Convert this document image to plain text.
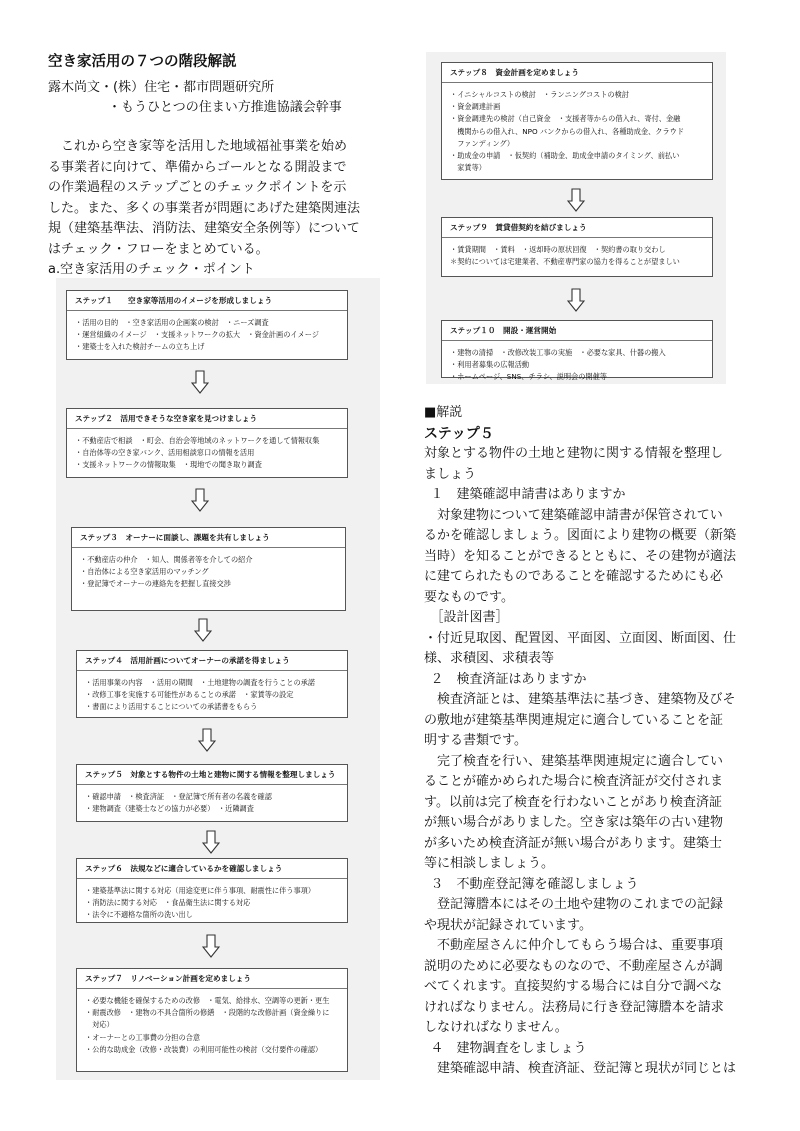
空き家活用の７つの階段解説
露木尚文・(株）住宅・都市問題研究所
・もうひとつの住まい方推進協議会幹事
これから空き家等を活用した地域福祉事業を始め
る事業者に向けて、準備からゴールとなる開設まで
の作業過程のステップごとのチェックポイントを示
した。また、多くの事業者が問題にあげた建築関連法
規（建築基準法、消防法、建築安全条例等）について
はチェック・フローをまとめている。
a.空き家活用のチェック・ポイント
ステップ１　　空き家等活用のイメージを形成しましょう
・活用の目的　・空き家活用の企画案の検討　・ニーズ調査
・運営組織のイメージ　・支援ネットワークの拡大　・資金計画のイメージ
・建築士を入れた検討チームの立ち上げ
ステップ２　活用できそうな空き家を見つけましょう
・不動産店で相談　・町会、自治会等地域のネットワークを通して情報収集
・自治体等の空き家バンク、活用相談窓口の情報を活用
・支援ネットワークの情報取集　・現地での聞き取り調査
ステップ３　オーナーに面談し、課題を共有しましょう
・不動産店の仲介　・知人、関係者等を介しての紹介
・自治体による空き家活用のマッチング
・登記簿でオーナーの連絡先を把握し直接交渉
ステップ４　活用計画についてオーナーの承諾を得ましょう
・活用事業の内容　・活用の期間　・土地建物の調査を行うことの承諾
・改修工事を実施する可能性があることの承諾　・家賃等の設定
・書面により活用することについての承諾書をもらう
ステップ５　対象とする物件の土地と建物に関する情報を整理しましょう
・確認申請　・検査済証　・登記簿で所有者の名義を確認
・建物調査（建築士などの協力が必要）　・近隣調査
ステップ６　法規などに適合しているかを確認しましょう
・建築基準法に関する対応（用途変更に伴う事項、耐震性に伴う事項）
・消防法に関する対応　・食品衛生法に関する対応
・法令に不適格な箇所の洗い出し
ステップ７　リノベーション計画を定めましょう
・必要な機能を確保するための改修　・電気、給排水、空調等の更新・更生
・耐震改修　・建物の不具合箇所の修繕　・段階的な改修計画（資金繰りに
　対応）
・オーナーとの工事費の分担の合意
・公的な助成金（改修・改装費）の利用可能性の検討（交付要件の確認）
ステップ８　資金計画を定めましょう
・イニシャルコストの検討　・ランニングコストの検討
・資金調達計画
・資金調達先の検討（自己資金　・支援者等からの借入れ、寄付、金融
　機関からの借入れ、NPO バンクからの借入れ、各種助成金、クラウド
　ファンディング）
・助成金の申請　・仮契約（補助金、助成金申請のタイミング、前払い
　家賃等）
ステップ９　賃貸借契約を結びましょう
・賃貸期間　・賃料　・返却時の原状回復　・契約書の取り交わし
＊契約については宅建業者、不動産専門家の協力を得ることが望ましい
ステップ１０　開設・運営開始
・建物の清掃　・改修改装工事の実施　・必要な家具、什器の搬入
・利用者募集の広報活動
・ホームページ、SNS、チラシ、説明会の開催等
■解説
ステップ５
対象とする物件の土地と建物に関する情報を整理し
ましょう
１　建築確認申請書はありますか
対象建物について建築確認申請書が保管されてい
るかを確認しましょう。図面により建物の概要（新築
当時）を知ることができるとともに、その建物が適法
に建てられたものであることを確認するためにも必
要なものです。
［設計図書］
・付近見取図、配置図、平面図、立面図、断面図、仕
様、求積図、求積表等
２　検査済証はありますか
検査済証とは、建築基準法に基づき、建築物及びそ
の敷地が建築基準関連規定に適合していることを証
明する書類です。
完了検査を行い、建築基準関連規定に適合してい
ることが確かめられた場合に検査済証が交付されま
す。以前は完了検査を行わないことがあり検査済証
が無い場合がありました。空き家は築年の古い建物
が多いため検査済証が無い場合があります。建築士
等に相談しましょう。
３　不動産登記簿を確認しましょう
登記簿謄本にはその土地や建物のこれまでの記録
や現状が記録されています。
不動産屋さんに仲介してもらう場合は、重要事項
説明のために必要なものなので、不動産屋さんが調
べてくれます。直接契約する場合には自分で調べな
ければなりません。法務局に行き登記簿謄本を請求
しなければなりません。
４　建物調査をしましょう
建築確認申請、検査済証、登記簿と現状が同じとは
